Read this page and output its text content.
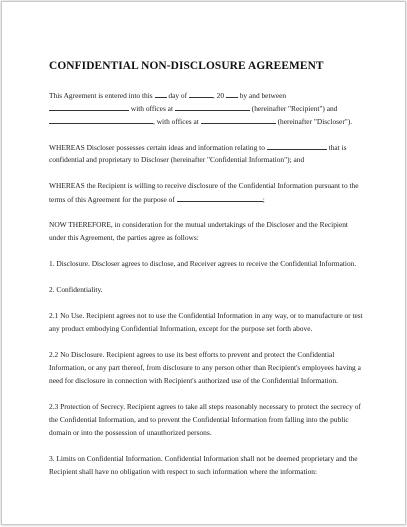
CONFIDENTIAL NON-DISCLOSURE AGREEMENT
This Agreement is entered into this day of	, 20 by and between
with offices at	(hereinafter "Recipient") and
, with offices at	(hereinafter "Discloser").
WHEREAS Discloser possesses certain ideas and information relating to	that is
confidential and proprietary to Discloser (hereinafter "Confidential Information"); and
WHEREAS the Recipient is willing to receive disclosure of the Confidential Information pursuant to the
terms of this Agreement for the purpose of	;
NOW THEREFORE, in consideration for the mutual undertakings of the Discloser and the Recipient
under this Agreement, the parties agree as follows:
1. Disclosure. Discloser agrees to disclose, and Receiver agrees to receive the Confidential Information.
2. Confidentiality.
2.1 No Use. Recipient agrees not to use the Confidential Information in any way, or to manufacture or test
any product embodying Confidential Information, except for the purpose set forth above.
2.2 No Disclosure. Recipient agrees to use its best efforts to prevent and protect the Confidential
Information, or any part thereof, from disclosure to any person other than Recipient's employees having a
need for disclosure in connection with Recipient's authorized use of the Confidential Information.
2.3 Protection of Secrecy. Recipient agrees to take all steps reasonably necessary to protect the secrecy of
the Confidential Information, and to prevent the Confidential Information from falling into the public
domain or into the possession of unauthorized persons.
3. Limits on Confidential Information. Confidential Information shall not be deemed proprietary and the
Recipient shall have no obligation with respect to such information where the information:
